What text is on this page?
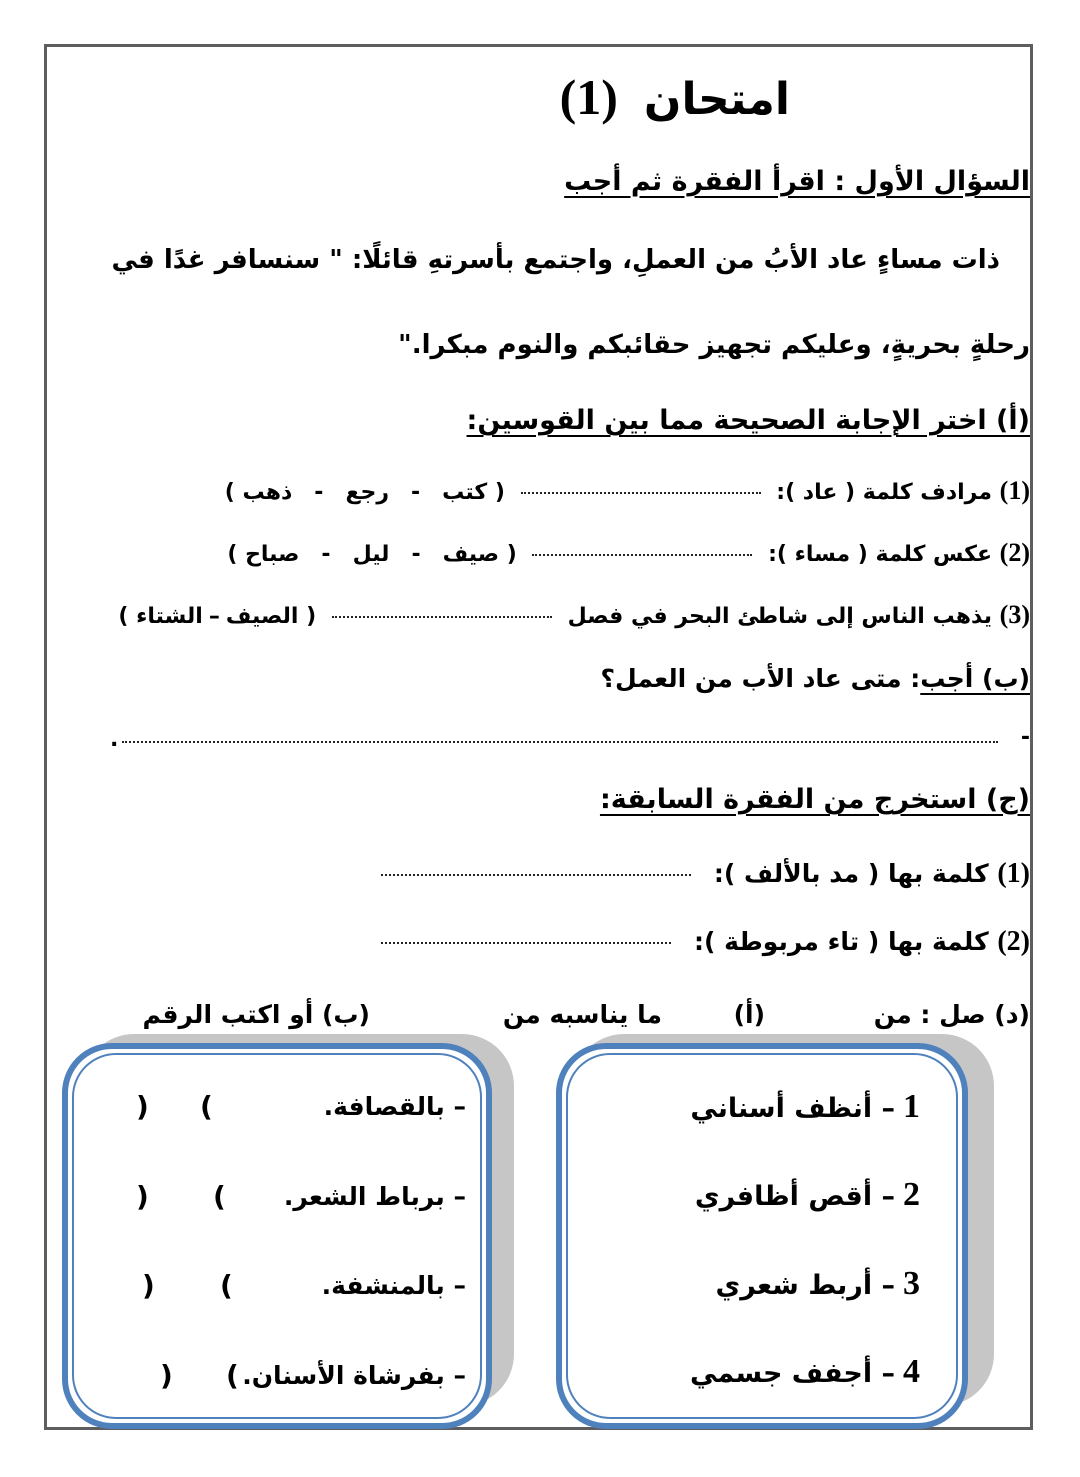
امتحان(1)
السؤال الأول : اقرأ الفقرة ثم أجب
ذات مساءٍ عاد الأبُ من العملِ، واجتمع بأسرتهِ قائلًا: " سنسافر غدًا في
رحلةٍ بحريةٍ، وعليكم تجهيز حقائبكم والنوم مبكرا."
(أ) اختر الإجابة الصحيحة مما بين القوسين:
(1) مرادف كلمة ( عاد ):  ( كتب-رجع-ذهب )
(2) عكس كلمة ( مساء ):  ( صيف-ليل-صباح )
(3) يذهب الناس إلى شاطئ البحر في فصل  ( الصيف–الشتاء )
(ب) أجب: متى عاد الأب من العمل؟
-
.
(ج) استخرج من الفقرة السابقة:
(1) كلمة بها ( مد بالألف ):
(2) كلمة بها ( تاء مربوطة ):
(د) صل : من
(أ)
ما يناسبه من
(ب) أو اكتب الرقم
1– أنظف أسناني
2– أقص أظافري
3– أربط شعري
4– أجفف جسمي
– بالقصافة.
(
)
– برباط الشعر.
(
)
– بالمنشفة.
(
)
– بفرشاة الأسنان.
(
)
